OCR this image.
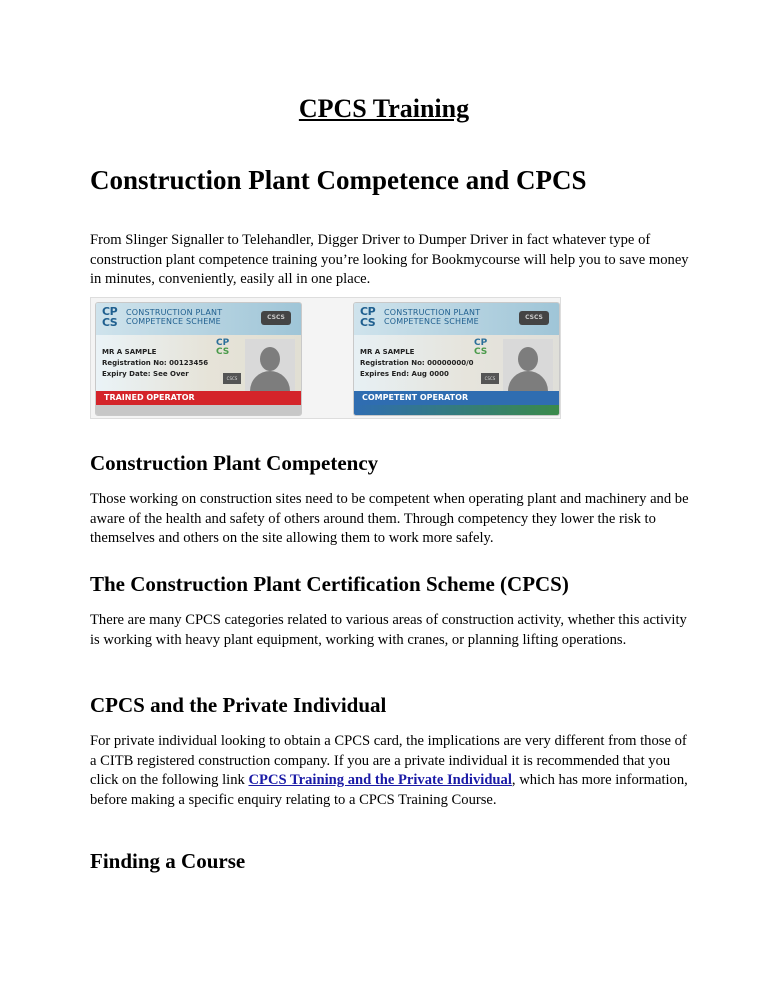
CPCS Training
Construction Plant Competence and CPCS

From Slinger Signaller to Telehandler, Digger Driver to Dumper Driver in fact whatever type of construction plant competence training you’re looking for Bookmycourse will help you to save money in minutes, conveniently, easily all in one place.

CP
CS
CONSTRUCTION PLANT
COMPETENCE SCHEME	CSCS
CP
CS
MR A SAMPLE
Registration No: 00123456
Expiry Date: See Over
CSCS
TRAINED OPERATOR
CP
CS
CONSTRUCTION PLANT
COMPETENCE SCHEME	CSCS
CP
CS
MR A SAMPLE
Registration No: 00000000/0
Expires End: Aug 0000
CSCS
COMPETENT OPERATOR
Construction Plant Competency

Those working on construction sites need to be competent when operating plant and machinery and be aware of the health and safety of others around them. Through competency they lower the risk to themselves and others on the site allowing them to work more safely.

The Construction Plant Certification Scheme (CPCS)

There are many CPCS categories related to various areas of construction activity, whether this activity is working with heavy plant equipment, working with cranes, or planning lifting operations.

CPCS and the Private Individual

For private individual looking to obtain a CPCS card, the implications are very different from those of a CITB registered construction company. If you are a private individual it is recommended that you click on the following link CPCS Training and the Private Individual, which has more information, before making a specific enquiry relating to a CPCS Training Course.

Finding a Course
